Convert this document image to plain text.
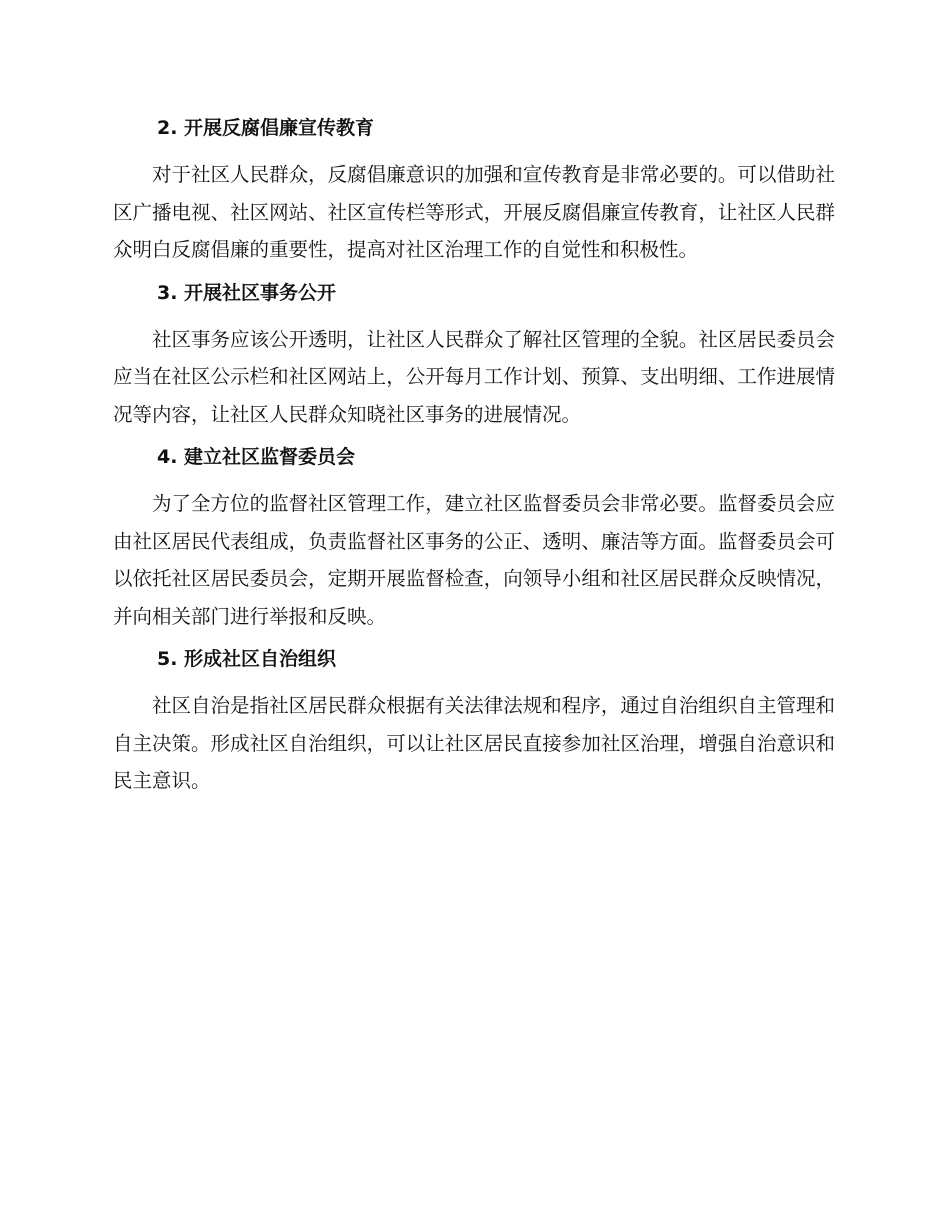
2. 开展反腐倡廉宣传教育

对于社区人民群众，反腐倡廉意识的加强和宣传教育是非常必要的。可以借助社区广播电视、社区网站、社区宣传栏等形式，开展反腐倡廉宣传教育，让社区人民群众明白反腐倡廉的重要性，提高对社区治理工作的自觉性和积极性。

3. 开展社区事务公开

社区事务应该公开透明，让社区人民群众了解社区管理的全貌。社区居民委员会应当在社区公示栏和社区网站上，公开每月工作计划、预算、支出明细、工作进展情况等内容，让社区人民群众知晓社区事务的进展情况。

4. 建立社区监督委员会

为了全方位的监督社区管理工作，建立社区监督委员会非常必要。监督委员会应由社区居民代表组成，负责监督社区事务的公正、透明、廉洁等方面。监督委员会可以依托社区居民委员会，定期开展监督检查，向领导小组和社区居民群众反映情况，并向相关部门进行举报和反映。

5. 形成社区自治组织

社区自治是指社区居民群众根据有关法律法规和程序，通过自治组织自主管理和自主决策。形成社区自治组织，可以让社区居民直接参加社区治理，增强自治意识和民主意识。
